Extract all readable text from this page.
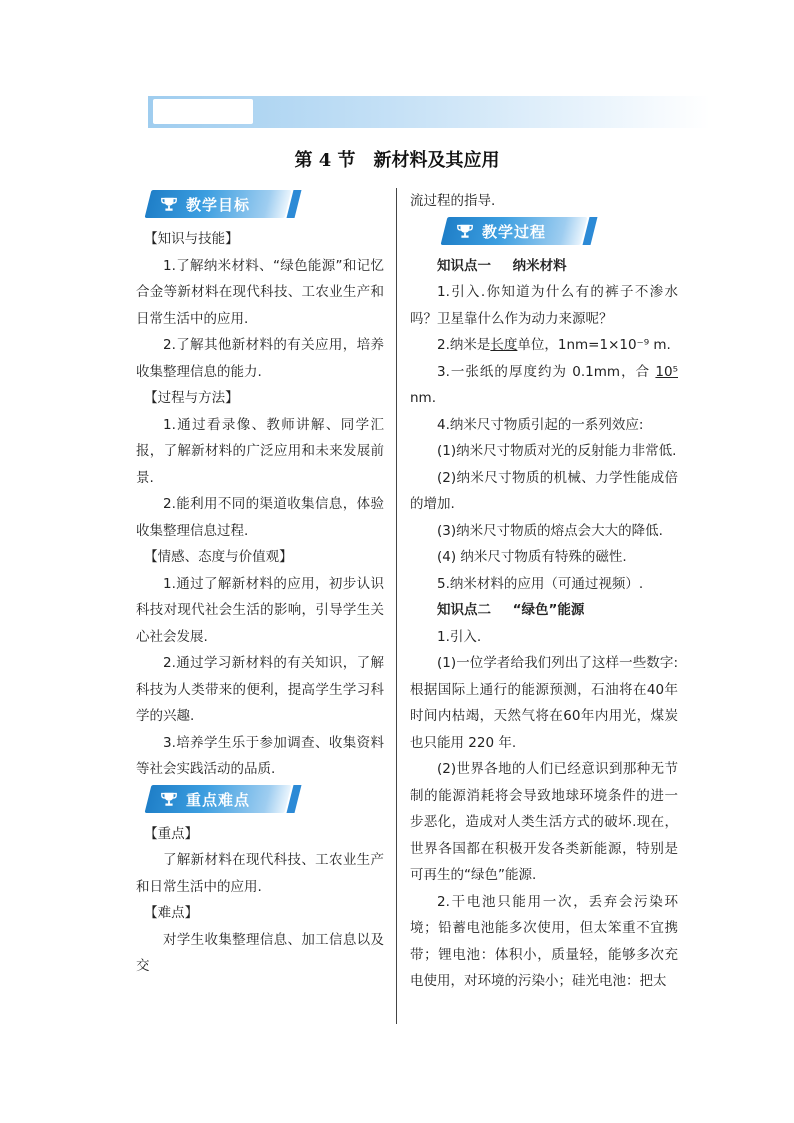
第 4 节　新材料及其应用
教学目标

【知识与技能】

1.了解纳米材料、“绿色能源”和记忆合金等新材料在现代科技、工农业生产和日常生活中的应用.

2.了解其他新材料的有关应用，培养收集整理信息的能力.

【过程与方法】

1.通过看录像、教师讲解、同学汇报，了解新材料的广泛应用和未来发展前景.

2.能利用不同的渠道收集信息，体验收集整理信息过程.

【情感、态度与价值观】

1.通过了解新材料的应用，初步认识科技对现代社会生活的影响，引导学生关心社会发展.

2.通过学习新材料的有关知识，了解科技为人类带来的便利，提高学生学习科学的兴趣.

3.培养学生乐于参加调查、收集资料等社会实践活动的品质.

重点难点

【重点】

了解新材料在现代科技、工农业生产和日常生活中的应用.

【难点】

对学生收集整理信息、加工信息以及交

流过程的指导.

教学过程
知识点一 纳米材料

1.引入.你知道为什么有的裤子不渗水吗？卫星靠什么作为动力来源呢？

2.纳米是长度单位，1nm=1×10⁻⁹ m.

3.一张纸的厚度约为 0.1mm，合 10⁵ nm.

4.纳米尺寸物质引起的一系列效应:

(1)纳米尺寸物质对光的反射能力非常低.

(2)纳米尺寸物质的机械、力学性能成倍的增加.

(3)纳米尺寸物质的熔点会大大的降低.

(4) 纳米尺寸物质有特殊的磁性.

5.纳米材料的应用（可通过视频）.

知识点二 “绿色”能源

1.引入.

(1)一位学者给我们列出了这样一些数字: 根据国际上通行的能源预测，石油将在40年时间内枯竭，天然气将在60年内用光，煤炭也只能用 220 年.

(2)世界各地的人们已经意识到那种无节制的能源消耗将会导致地球环境条件的进一步恶化，造成对人类生活方式的破坏.现在，世界各国都在积极开发各类新能源，特别是可再生的“绿色”能源.

2.干电池只能用一次，丢弃会污染环境；铅蓄电池能多次使用，但太笨重不宜携带；锂电池：体积小，质量轻，能够多次充电使用，对环境的污染小；硅光电池：把太
